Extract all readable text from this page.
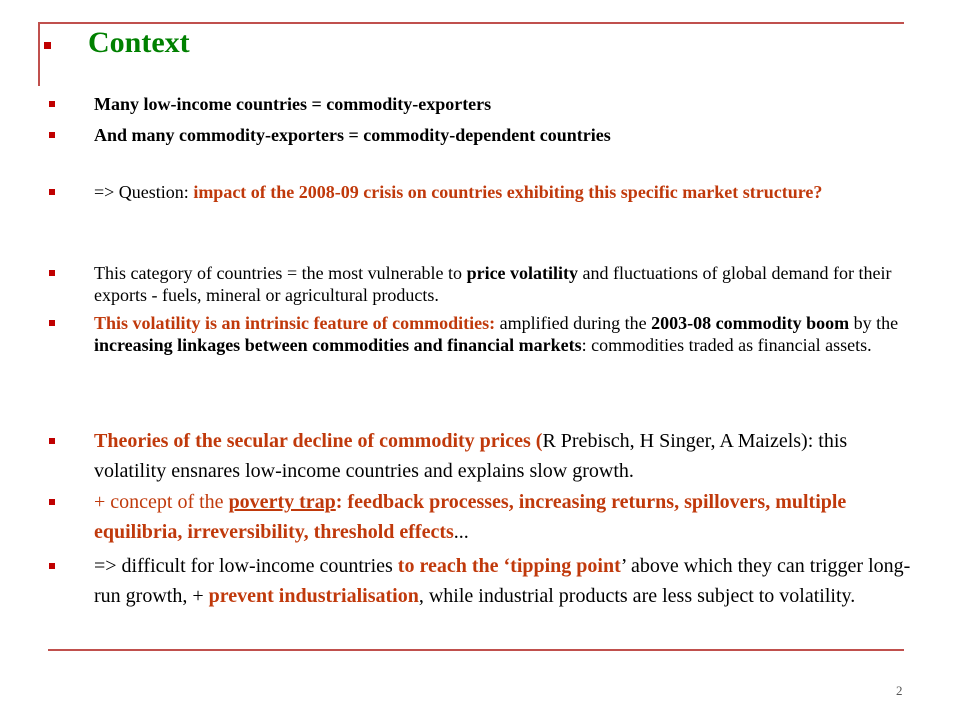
Context
Many low-income countries = commodity-exporters
And many commodity-exporters = commodity-dependent countries
=> Question: impact of the 2008-09 crisis on countries exhibiting this specific market structure?
This category of countries = the most vulnerable to price volatility and fluctuations of global demand for their exports - fuels, mineral or agricultural products.
This volatility is an intrinsic feature of commodities: amplified during the 2003-08 commodity boom by the increasing linkages between commodities and financial markets: commodities traded as financial assets.
Theories of the secular decline of commodity prices (R Prebisch, H Singer, A Maizels): this volatility ensnares low-income countries and explains slow growth.
+ concept of the poverty trap: feedback processes, increasing returns, spillovers, multiple equilibria, irreversibility, threshold effects...
=> difficult for low-income countries to reach the ‘tipping point’ above which they can trigger long-run growth, + prevent industrialisation, while industrial products are less subject to volatility.
2
